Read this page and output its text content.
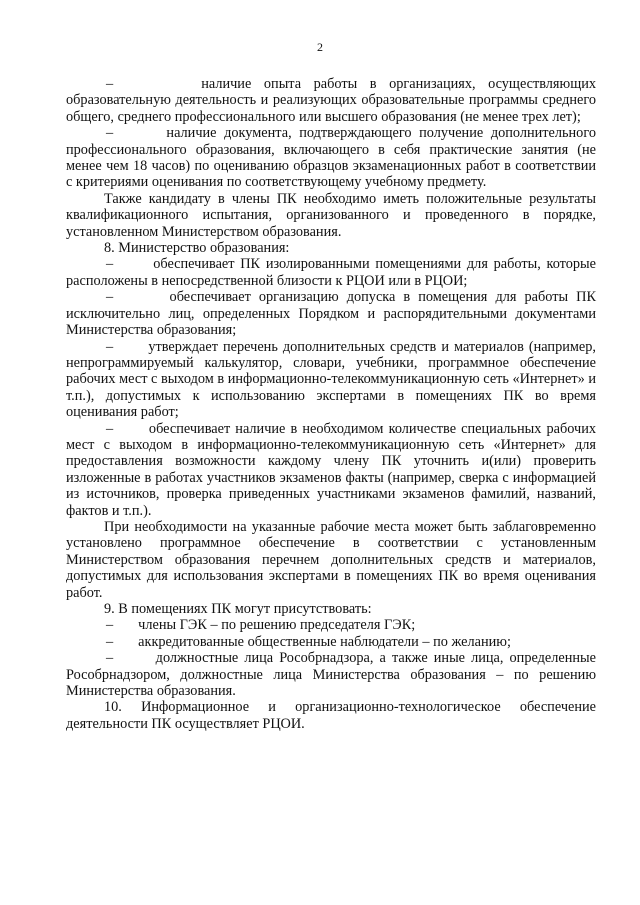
2

–       наличие опыта работы в организациях, осуществляющих образовательную деятельность и реализующих образовательные программы среднего общего, среднего профессионального или высшего образования (не менее трех лет);

–       наличие документа, подтверждающего получение дополнительного профессионального образования, включающего в себя практические занятия (не менее чем 18 часов) по оцениванию образцов экзаменационных работ в соответствии с критериями оценивания по соответствующему учебному предмету.

Также кандидату в члены ПК необходимо иметь положительные результаты квалификационного испытания, организованного и проведенного в порядке, установленном Министерством образования.

8. Министерство образования:

–       обеспечивает ПК изолированными помещениями для работы, которые расположены в непосредственной близости к РЦОИ или в РЦОИ;

–       обеспечивает организацию допуска в помещения для работы ПК исключительно лиц, определенных Порядком и распорядительными документами Министерства образования;

–       утверждает перечень дополнительных средств и материалов (например, непрограммируемый калькулятор, словари, учебники, программное обеспечение рабочих мест с выходом в информационно-телекоммуникационную сеть «Интернет» и т.п.), допустимых к использованию экспертами в помещениях ПК во время оценивания работ;

–       обеспечивает наличие в необходимом количестве специальных рабочих мест с выходом в информационно-телекоммуникационную сеть «Интернет» для предоставления возможности каждому члену ПК уточнить и(или) проверить изложенные в работах участников экзаменов факты (например, сверка с информацией из источников, проверка приведенных участниками экзаменов фамилий, названий, фактов и т.п.).

При необходимости на указанные рабочие места может быть заблаговременно установлено программное обеспечение в соответствии с установленным Министерством образования перечнем дополнительных средств и материалов, допустимых для использования экспертами в помещениях ПК во время оценивания работ.

9. В помещениях ПК могут присутствовать:

–       члены ГЭК – по решению председателя ГЭК;

–       аккредитованные общественные наблюдатели – по желанию;

–       должностные лица Рособрнадзора, а также иные лица, определенные Рособрнадзором, должностные лица Министерства образования – по решению Министерства образования.

10. Информационное и организационно-технологическое обеспечение деятельности ПК осуществляет РЦОИ.
